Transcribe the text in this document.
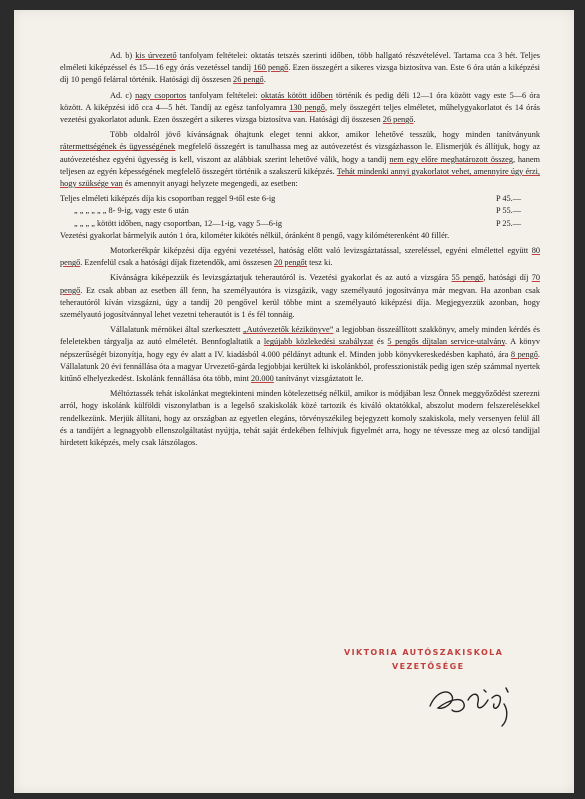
Ad. b) kis úrvezető tanfolyam feltételei: oktatás tetszés szerinti időben, több hallgató részvételével. Tartama cca 3 hét. Teljes elméleti kiképzéssel és 15—16 egy órás vezetéssel tandíj 160 pengő. Ezen összegért a sikeres vizsga biztosítva van. Este 6 óra után a kiképzési díj 10 pengő felárral történik. Hatósági díj összesen 26 pengő.

Ad. c) nagy csoportos tanfolyam feltételei: oktatás kötött időben történik és pedig déli 12—1 óra között vagy este 5—6 óra között. A kiképzési idő cca 4—5 hét. Tandíj az egész tanfolyamra 130 pengő, mely összegért teljes elméletet, műhelygyakorlatot és 14 órás vezetési gyakorlatot adunk. Ezen összegért a sikeres vizsga biztosítva van. Hatósági díj összesen 26 pengő.

Több oldalról jövő kívánságnak óhajtunk eleget tenni akkor, amikor lehetővé tesszük, hogy minden tanítványunk rátermettségének és ügyességének megfelelő összegért is tanulhassa meg az autóvezetést és vizsgázhasson le. Elismerjük és állítjuk, hogy az autóvezetéshez egyéni ügyesség is kell, viszont az alábbiak szerint lehetővé válik, hogy a tandíj nem egy előre meghatározott összeg, hanem teljesen az egyén képességének megfelelő összegért történik a szakszerű kiképzés. Tehát mindenki annyi gyakorlatot vehet, amennyire úgy érzi, hogy szüksége van és amennyit anyagi helyzete megengedi, az esetben:

Teljes elméleti kiképzés díja kis csoportban reggel 9-től este 6-ig	P 45.—
„ „ „ „ „ „ 8- 9-ig, vagy este 6 után	P 55.—
„ „ „ „ kötött időben, nagy csoportban, 12—1-ig, vagy 5—6-ig	P 25.—

Vezetési gyakorlat bármelyik autón 1 óra, kilométer kikötés nélkül, óránként 8 pengő, vagy kilóméterenként 40 fillér.

Motorkerékpár kiképzési díja egyéni vezetéssel, hatóság előtt való levizsgáztatással, szereléssel, egyéni elmélettel együtt 80 pengő. Ezenfelül csak a hatósági díjak fizetendők, ami összesen 20 pengőt tesz ki.

Kívánságra kiképezzük és levizsgáztatjuk teherautóról is. Vezetési gyakorlat és az autó a vizsgára 55 pengő, hatósági díj 70 pengő. Ez csak abban az esetben áll fenn, ha személyautóra is vizsgázik, vagy személyautó jogosítványa már megvan. Ha azonban csak teherautóról kíván vizsgázni, úgy a tandíj 20 pengővel kerül többe mint a személyautó kiképzési díja. Megjegyezzük azonban, hogy személyautó jogosítvánnyal lehet vezetni teherautót is 1 és fél tonnáig.

Vállalatunk mérnökei által szerkesztett „Autóvezetők kézikönyve” a legjobban összeállított szakkönyv, amely minden kérdés és feleletekben tárgyalja az autó elméletét. Bennfoglaltatik a legújabb közlekedési szabályzat és 5 pengős díjtalan service-utalvány. A könyv népszerűségét bizonyítja, hogy egy év alatt a IV. kiadásból 4.000 példányt adtunk el. Minden jobb könyvkereskedésben kapható, ára 8 pengő. Vállalatunk 20 évi fennállása óta a magyar Urvezető-gárda legjobbjai kerültek ki iskolánkból, professzionisták pedig igen szép számmal nyertek kitűnő elhelyezkedést. Iskolánk fennállása óta több, mint 20.000 tanítványt vizsgáztatott le.

Méltóztassék tehát iskolánkat megtekinteni minden kötelezettség nélkül, amikor is módjában lesz Önnek meggyőződést szerezni arról, hogy iskolánk külföldi viszonylatban is a legelső szakiskolák közé tartozik és kiváló oktatókkal, abszolut modern felszerelésekkel rendelkezünk. Merjük állítani, hogy az országban az egyetlen elegáns, törvényszékileg bejegyzett komoly szakiskola, mely versenyen felül áll és a tandíjért a legnagyobb ellenszolgáltatást nyújtja, tehát saját érdekében felhívjuk figyelmét arra, hogy ne tévessze meg az olcsó tandíjjal hirdetett kiképzés, mely csak látszólagos.

VIKTORIA AUTÓSZAKISKOLA
VEZETŐSÉGE
